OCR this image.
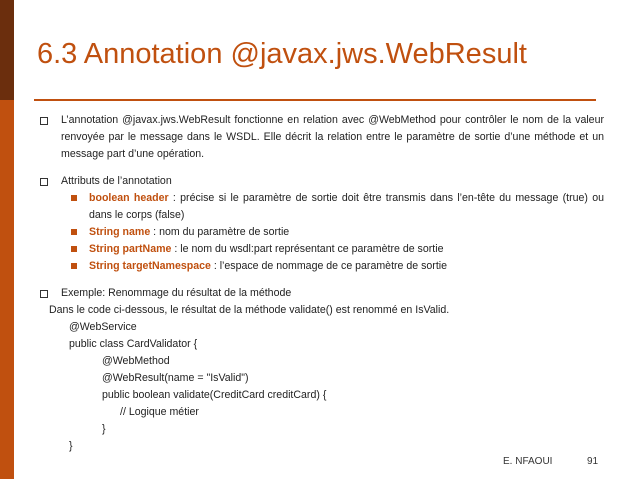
6.3 Annotation @javax.jws.WebResult
L’annotation @javax.jws.WebResult fonctionne en relation avec @WebMethod pour contrôler le nom de la valeur renvoyée par le message dans le WSDL. Elle décrit la relation entre le paramètre de sortie d’une méthode et un message part d’une opération.
Attributs de l’annotation
boolean header : précise si le paramètre de sortie doit être transmis dans l’en-tête du message (true) ou dans le corps (false)
String name : nom du paramètre de sortie
String partName : le nom du wsdl:part représentant ce paramètre de sortie
String targetNamespace : l’espace de nommage de ce paramètre de sortie
Exemple: Renommage du résultat de la méthode
Dans le code ci-dessous, le résultat de la méthode validate() est renommé en IsValid.
@WebService
public class CardValidator {
@WebMethod
@WebResult(name = "IsValid")
public boolean validate(CreditCard creditCard) {
// Logique métier
}
}
E. NFAOUI	91
